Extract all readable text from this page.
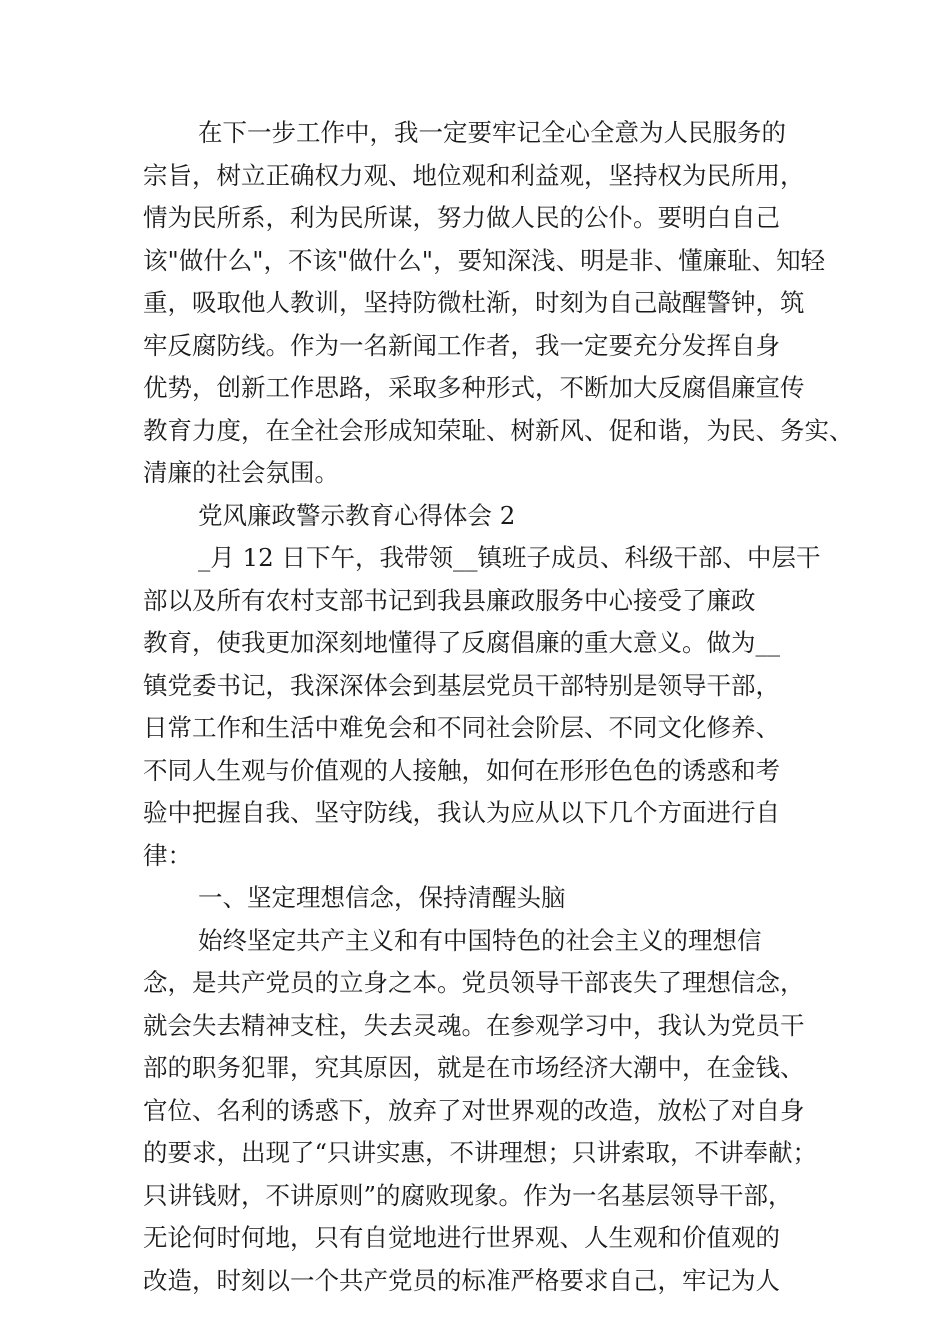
在下一步工作中，我一定要牢记全心全意为人民服务的
宗旨，树立正确权力观、地位观和利益观，坚持权为民所用，
情为民所系，利为民所谋，努力做人民的公仆。要明白自己
该"做什么"，不该"做什么"，要知深浅、明是非、懂廉耻、知轻
重，吸取他人教训，坚持防微杜渐，时刻为自己敲醒警钟，筑
牢反腐防线。作为一名新闻工作者，我一定要充分发挥自身
优势，创新工作思路，采取多种形式，不断加大反腐倡廉宣传
教育力度，在全社会形成知荣耻、树新风、促和谐，为民、务实、
清廉的社会氛围。
党风廉政警示教育心得体会 2
_月 12 日下午，我带领__镇班子成员、科级干部、中层干
部以及所有农村支部书记到我县廉政服务中心接受了廉政
教育，使我更加深刻地懂得了反腐倡廉的重大意义。做为__
镇党委书记，我深深体会到基层党员干部特别是领导干部，
日常工作和生活中难免会和不同社会阶层、不同文化修养、
不同人生观与价值观的人接触，如何在形形色色的诱惑和考
验中把握自我、坚守防线，我认为应从以下几个方面进行自
律：
一、坚定理想信念，保持清醒头脑
始终坚定共产主义和有中国特色的社会主义的理想信
念，是共产党员的立身之本。党员领导干部丧失了理想信念，
就会失去精神支柱，失去灵魂。在参观学习中，我认为党员干
部的职务犯罪，究其原因，就是在市场经济大潮中，在金钱、
官位、名利的诱惑下，放弃了对世界观的改造，放松了对自身
的要求，出现了“只讲实惠，不讲理想；只讲索取，不讲奉献；
只讲钱财，不讲原则”的腐败现象。作为一名基层领导干部，
无论何时何地，只有自觉地进行世界观、人生观和价值观的
改造，时刻以一个共产党员的标准严格要求自己，牢记为人
